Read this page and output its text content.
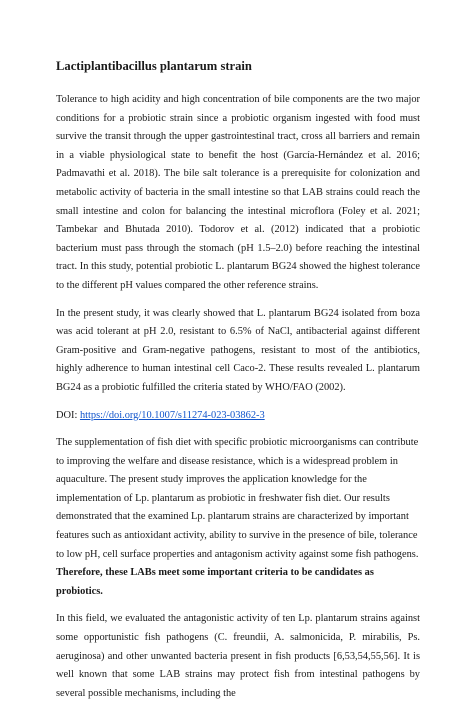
Lactiplantibacillus plantarum strain

Tolerance to high acidity and high concentration of bile components are the two major conditions for a probiotic strain since a probiotic organism ingested with food must survive the transit through the upper gastrointestinal tract, cross all barriers and remain in a viable physiological state to benefit the host (García-Hernández et al. 2016; Padmavathi et al. 2018). The bile salt tolerance is a prerequisite for colonization and metabolic activity of bacteria in the small intestine so that LAB strains could reach the small intestine and colon for balancing the intestinal microflora (Foley et al. 2021; Tambekar and Bhutada 2010). Todorov et al. (2012) indicated that a probiotic bacterium must pass through the stomach (pH 1.5–2.0) before reaching the intestinal tract. In this study, potential probiotic L. plantarum BG24 showed the highest tolerance to the different pH values compared the other reference strains.

In the present study, it was clearly showed that L. plantarum BG24 isolated from boza was acid tolerant at pH 2.0, resistant to 6.5% of NaCl, antibacterial against different Gram-positive and Gram-negative pathogens, resistant to most of the antibiotics, highly adherence to human intestinal cell Caco-2. These results revealed L. plantarum BG24 as a probiotic fulfilled the criteria stated by WHO/FAO (2002).

DOI: https://doi.org/10.1007/s11274-023-03862-3

The supplementation of fish diet with specific probiotic microorganisms can contribute to improving the welfare and disease resistance, which is a widespread problem in aquaculture. The present study improves the application knowledge for the implementation of Lp. plantarum as probiotic in freshwater fish diet. Our results demonstrated that the examined Lp. plantarum strains are characterized by important features such as antioxidant activity, ability to survive in the presence of bile, tolerance to low pH, cell surface properties and antagonism activity against some fish pathogens. Therefore, these LABs meet some important criteria to be candidates as probiotics.

In this field, we evaluated the antagonistic activity of ten Lp. plantarum strains against some opportunistic fish pathogens (C. freundii, A. salmonicida, P. mirabilis, Ps. aeruginosa) and other unwanted bacteria present in fish products [6,53,54,55,56]. It is well known that some LAB strains may protect fish from intestinal pathogens by several possible mechanisms, including the
